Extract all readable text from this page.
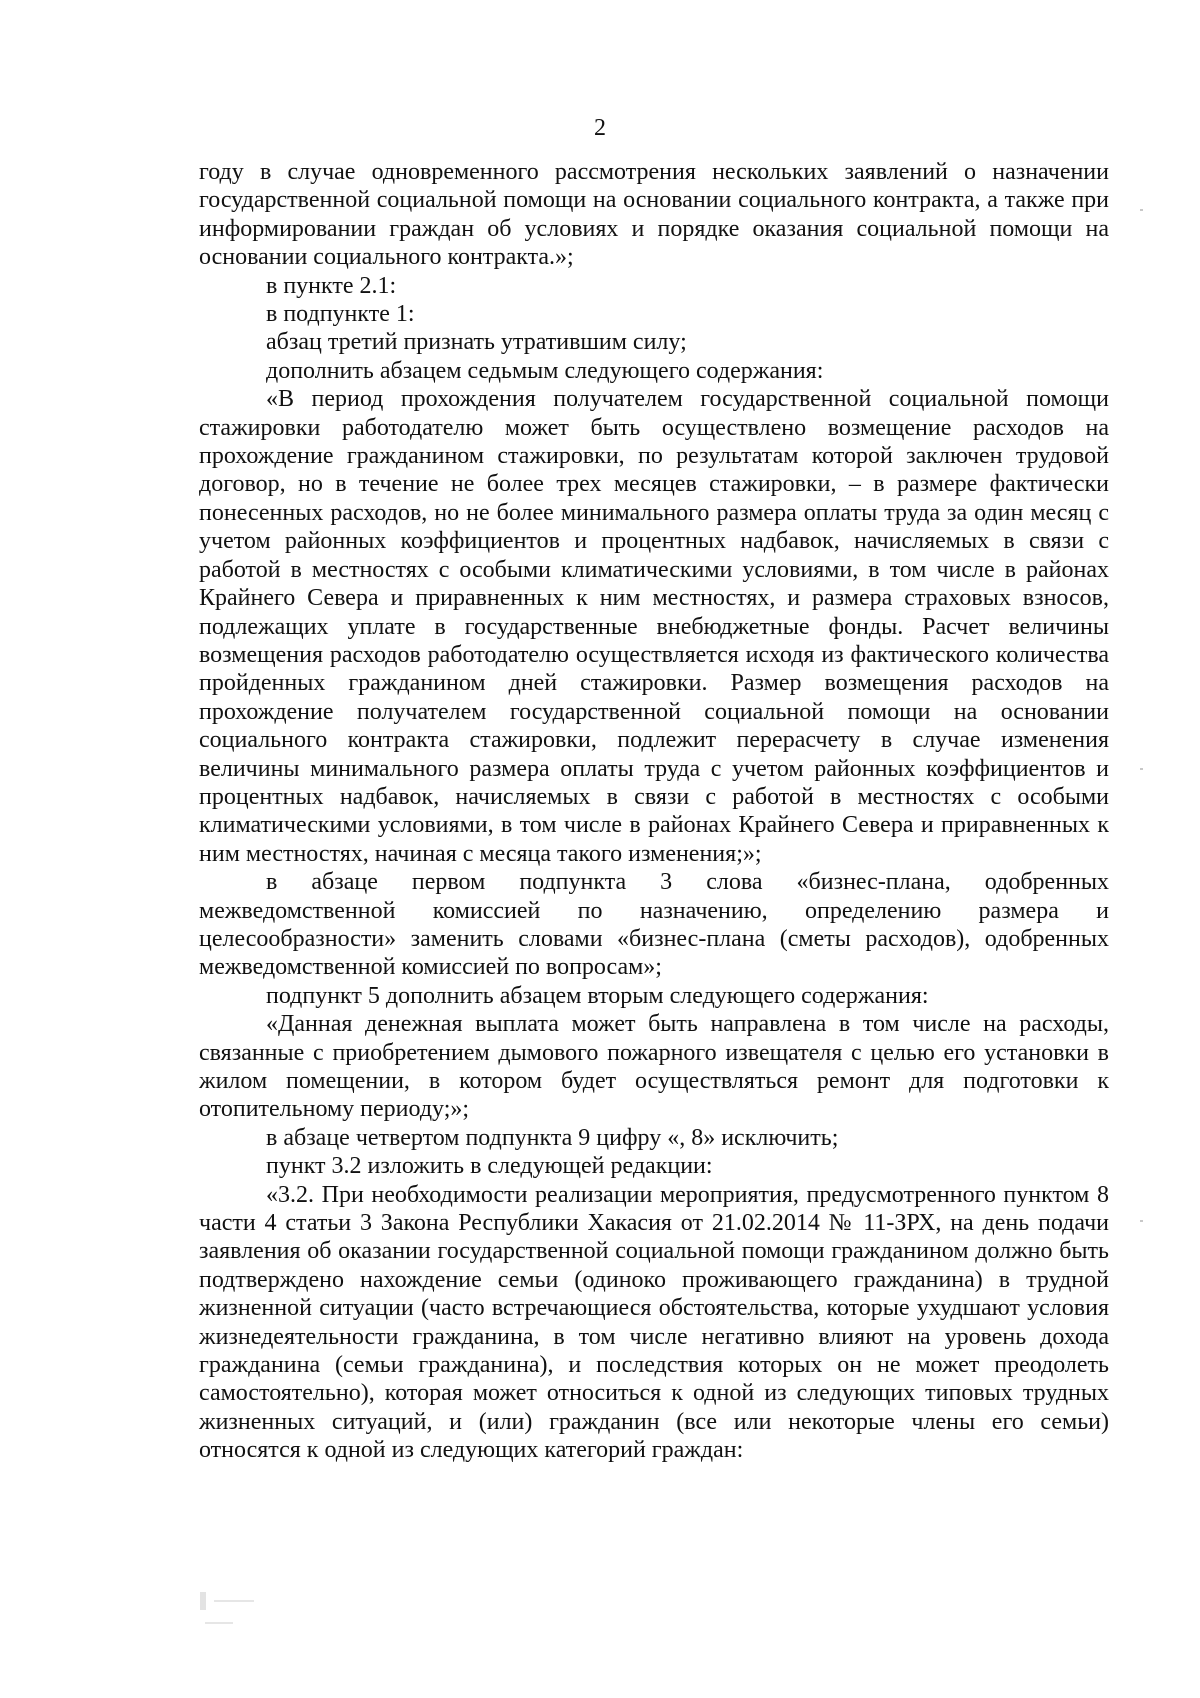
2

году в случае одновременного рассмотрения нескольких заявлений о назначении государственной социальной помощи на основании социального контракта, а также при информировании граждан об условиях и порядке оказания социальной помощи на основании социального контракта.»;

в пункте 2.1:

в подпункте 1:

абзац третий признать утратившим силу;

дополнить абзацем седьмым следующего содержания:

«В период прохождения получателем государственной социальной помощи стажировки работодателю может быть осуществлено возмещение расходов на прохождение гражданином стажировки, по результатам которой заключен трудовой договор, но в течение не более трех месяцев стажировки, – в размере фактически понесенных расходов, но не более минимального размера оплаты труда за один месяц с учетом районных коэффициентов и процентных надбавок, начисляемых в связи с работой в местностях с особыми климатическими условиями, в том числе в районах Крайнего Севера и приравненных к ним местностях, и размера страховых взносов, подлежащих уплате в государственные внебюджетные фонды. Расчет величины возмещения расходов работодателю осуществляется исходя из фактического количества пройденных гражданином дней стажировки. Размер возмещения расходов на прохождение получателем государственной социальной помощи на основании социального контракта стажировки, подлежит перерасчету в случае изменения величины минимального размера оплаты труда с учетом районных коэффициентов и процентных надбавок, начисляемых в связи с работой в местностях с особыми климатическими условиями, в том числе в районах Крайнего Севера и приравненных к ним местностях, начиная с месяца такого изменения;»;

в абзаце первом подпункта 3 слова «бизнес-плана, одобренных межведомственной комиссией по назначению, определению размера и целесообразности» заменить словами «бизнес-плана (сметы расходов), одобренных межведомственной комиссией по вопросам»;

подпункт 5 дополнить абзацем вторым следующего содержания:

«Данная денежная выплата может быть направлена в том числе на расходы, связанные с приобретением дымового пожарного извещателя с целью его установки в жилом помещении, в котором будет осуществляться ремонт для подготовки к отопительному периоду;»;

в абзаце четвертом подпункта 9 цифру «, 8» исключить;

пункт 3.2 изложить в следующей редакции:

«3.2. При необходимости реализации мероприятия, предусмотренного пунктом 8 части 4 статьи 3 Закона Республики Хакасия от 21.02.2014 № 11-ЗРХ, на день подачи заявления об оказании государственной социальной помощи гражданином должно быть подтверждено нахождение семьи (одиноко проживающего гражданина) в трудной жизненной ситуации (часто встречающиеся обстоятельства, которые ухудшают условия жизнедеятельности гражданина, в том числе негативно влияют на уровень дохода гражданина (семьи гражданина), и последствия которых он не может преодолеть самостоятельно), которая может относиться к одной из следующих типовых трудных жизненных ситуаций, и (или) гражданин (все или некоторые члены его семьи) относятся к одной из следующих категорий граждан:
